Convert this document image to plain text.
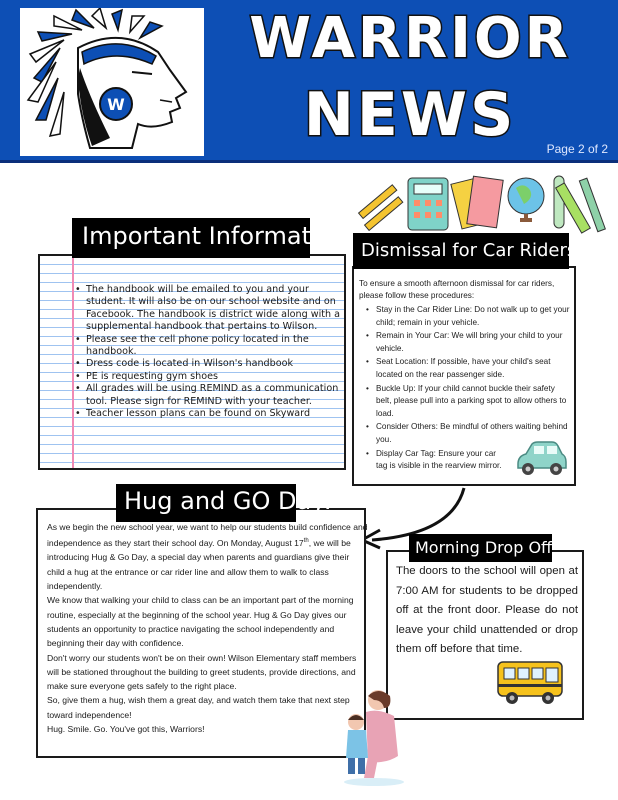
W
WARRIOR
NEWS	Page 2 of 2
• The handbook will be emailed to you and your student. It will also be on our school website and on Facebook. The handbook is district wide along with a supplemental handbook that pertains to Wilson.
• Please see the cell phone policy located in the handbook.
• Dress code is located in Wilson's handbook
• PE is requesting gym shoes
• All grades will be using REMIND as a communication tool. Please sign for REMIND with your teacher.
• Teacher lesson plans can be found on Skyward
Important Information
To ensure a smooth afternoon dismissal for car riders, please follow these procedures:
• Stay in the Car Rider Line: Do not walk up to get your child; remain in your vehicle.
• Remain in Your Car: We will bring your child to your vehicle.
• Seat Location: If possible, have your child's seat located on the rear passenger side.
• Buckle Up: If your child cannot buckle their safety belt, please pull into a parking spot to allow others to load.
• Consider Others: Be mindful of others waiting behind you.
• Display Car Tag: Ensure your car tag is visible in the rearview mirror.
Dismissal for Car Riders

As we begin the new school year, we want to help our students build confidence and independence as they start their school day. On Monday, August 17th, we will be introducing Hug & Go Day, a special day when parents and guardians give their child a hug at the entrance or car rider line and allow them to walk to class independently.

We know that walking your child to class can be an important part of the morning routine, especially at the beginning of the school year. Hug & Go Day gives our students an opportunity to practice navigating the school independently and beginning their day with confidence.

Don't worry our students won't be on their own! Wilson Elementary staff members will be stationed throughout the building to greet students, provide directions, and make sure everyone gets safely to the right place.

So, give them a hug, wish them a great day, and watch them take that next step toward independence!

Hug. Smile. Go. You've got this, Warriors!

Hug and GO Day:
The doors to the school will open at 7:00 AM for students to be dropped off at the front door. Please do not leave your child unattended or drop them off before that time.
Morning Drop Off
